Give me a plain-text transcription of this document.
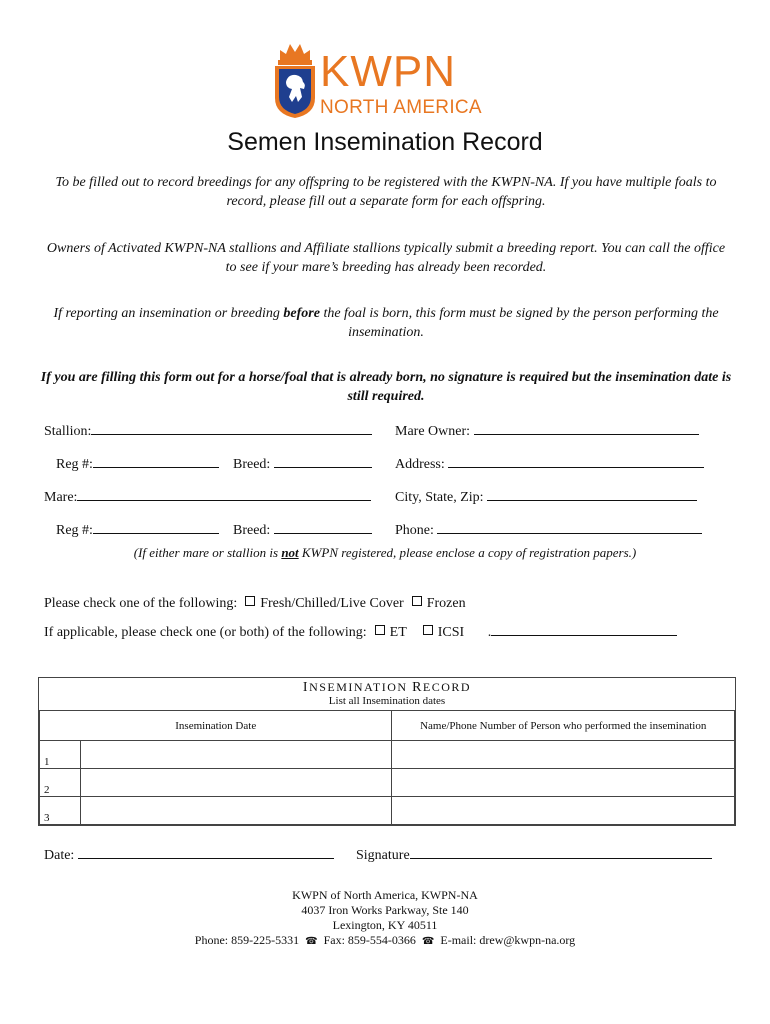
KWPN
NORTH AMERICA
Semen Insemination Record
To be filled out to record breedings for any offspring to be registered with the KWPN-NA. If you have multiple foals to record, please fill out a separate form for each offspring.
Owners of Activated KWPN-NA stallions and Affiliate stallions typically submit a breeding report. You can call the office to see if your mare’s breeding has already been recorded.
If reporting an insemination or breeding before the foal is born, this form must be signed by the person performing the insemination.
If you are filling this form out for a horse/foal that is already born, no signature is required but the insemination date is still required.
Stallion:	Mare Owner:
Reg #:	Breed:	Address:
Mare:	City, State, Zip:
Reg #:	Breed:	Phone:
(If either mare or stallion is not KWPN registered, please enclose a copy of registration papers.)
Please check one of the following: Fresh/Chilled/Live Cover Frozen
If applicable, please check one (or both) of the following: ET ICSI .
INSEMINATION RECORD
List all Insemination dates
Insemination Date		Name/Phone Number of Person who performed the insemination
1		
2		
3		
Date:	Signature
KWPN of North America, KWPN-NA
4037 Iron Works Parkway, Ste 140
Lexington, KY 40511
Phone: 859-225-5331 ☎ Fax: 859-554-0366 ☎ E-mail: drew@kwpn-na.org
